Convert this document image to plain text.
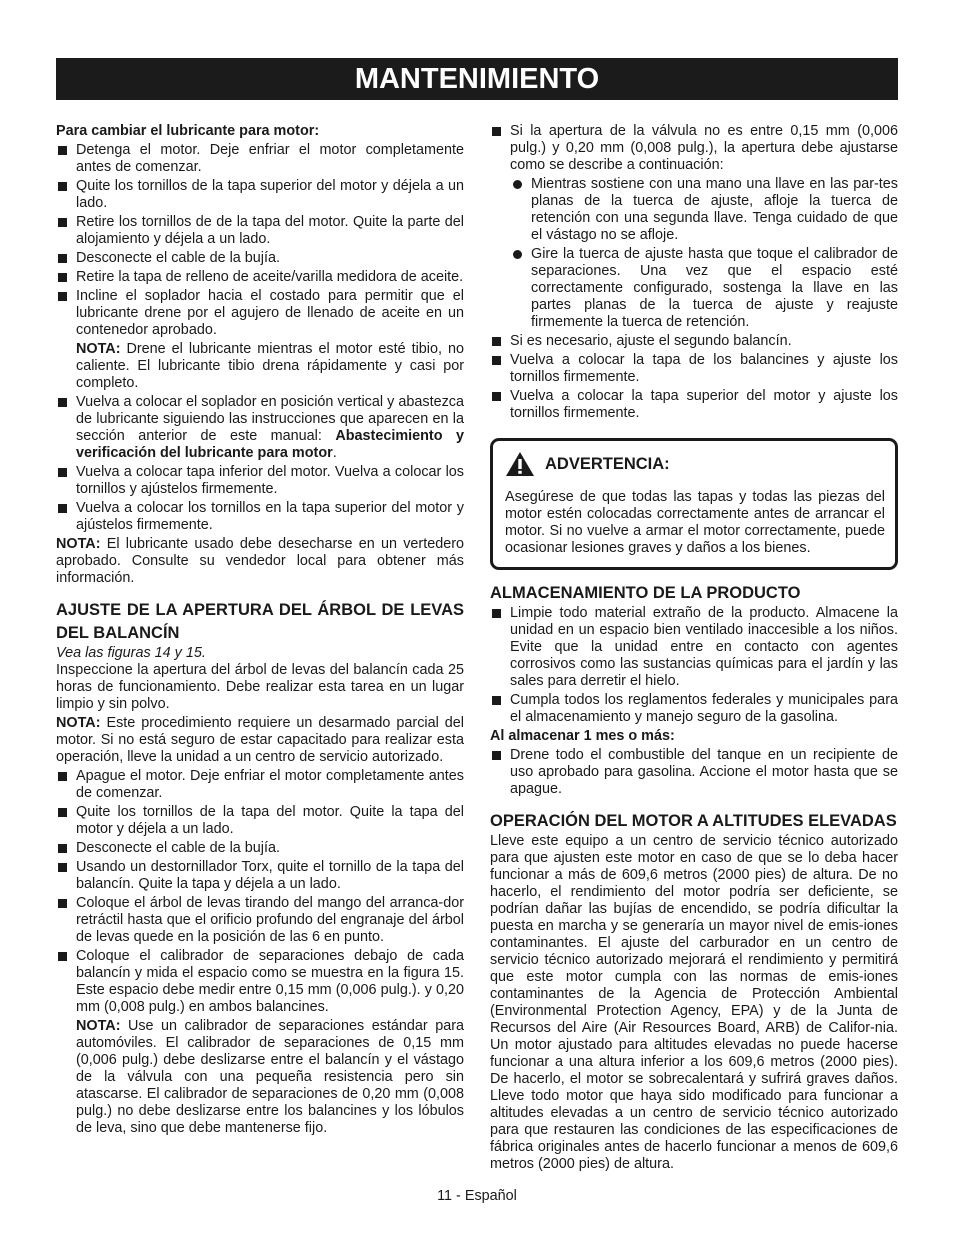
MANTENIMIENTO

Para cambiar el lubricante para motor:

Detenga el motor. Deje enfriar el motor completamente antes de comenzar.
Quite los tornillos de la tapa superior del motor y déjela a un lado.
Retire los tornillos de de la tapa del motor. Quite la parte del alojamiento y déjela a un lado.
Desconecte el cable de la bujía.
Retire la tapa de relleno de aceite/varilla medidora de aceite.
Incline el soplador hacia el costado para permitir que el lubricante drene por el agujero de llenado de aceite en un contenedor aprobado.

NOTA: Drene el lubricante mientras el motor esté tibio, no caliente. El lubricante tibio drena rápidamente y casi por completo.

Vuelva a colocar el soplador en posición vertical y abastezca de lubricante siguiendo las instrucciones que aparecen en la sección anterior de este manual: Abastecimiento y verificación del lubricante para motor.
Vuelva a colocar tapa inferior del motor. Vuelva a colocar los tornillos y ajústelos firmemente.
Vuelva a colocar los tornillos en la tapa superior del motor y ajústelos firmemente.

NOTA: El lubricante usado debe desecharse en un vertedero aprobado. Consulte su vendedor local para obtener más información.

AJUSTE DE LA APERTURA DEL ÁRBOL DE LEVAS DEL BALANCÍN

Vea las figuras 14 y 15.

Inspeccione la apertura del árbol de levas del balancín cada 25 horas de funcionamiento. Debe realizar esta tarea en un lugar limpio y sin polvo.

NOTA: Este procedimiento requiere un desarmado parcial del motor. Si no está seguro de estar capacitado para realizar esta operación, lleve la unidad a un centro de servicio autorizado.

Apague el motor. Deje enfriar el motor completamente antes de comenzar.
Quite los tornillos de la tapa del motor. Quite la tapa del motor y déjela a un lado.
Desconecte el cable de la bujía.
Usando un destornillador Torx, quite el tornillo de la tapa del balancín. Quite la tapa y déjela a un lado.
Coloque el árbol de levas tirando del mango del arranca-dor retráctil hasta que el orificio profundo del engranaje del árbol de levas quede en la posición de las 6 en punto.
Coloque el calibrador de separaciones debajo de cada balancín y mida el espacio como se muestra en la figura 15. Este espacio debe medir entre 0,15 mm (0,006 pulg.). y 0,20 mm (0,008 pulg.) en ambos balancines.

NOTA: Use un calibrador de separaciones estándar para automóviles. El calibrador de separaciones de 0,15 mm (0,006 pulg.) debe deslizarse entre el balancín y el vástago de la válvula con una pequeña resistencia pero sin atascarse. El calibrador de separaciones de 0,20 mm (0,008 pulg.) no debe deslizarse entre los balancines y los lóbulos de leva, sino que debe mantenerse fijo.

Si la apertura de la válvula no es entre 0,15 mm (0,006 pulg.) y 0,20 mm (0,008 pulg.), la apertura debe ajustarse como se describe a continuación:
Mientras sostiene con una mano una llave en las par-tes planas de la tuerca de ajuste, afloje la tuerca de retención con una segunda llave. Tenga cuidado de que el vástago no se afloje.
Gire la tuerca de ajuste hasta que toque el calibrador de separaciones. Una vez que el espacio esté correctamente configurado, sostenga la llave en las partes planas de la tuerca de ajuste y reajuste firmemente la tuerca de retención.
Si es necesario, ajuste el segundo balancín.
Vuelva a colocar la tapa de los balancines y ajuste los tornillos firmemente.
Vuelva a colocar la tapa superior del motor y ajuste los tornillos firmemente.
ADVERTENCIA:

Asegúrese de que todas las tapas y todas las piezas del motor estén colocadas correctamente antes de arrancar el motor. Si no vuelve a armar el motor correctamente, puede ocasionar lesiones graves y daños a los bienes.

ALMACENAMIENTO DE LA PRODUCTO

Limpie todo material extraño de la producto. Almacene la unidad en un espacio bien ventilado inaccesible a los niños. Evite que la unidad entre en contacto con agentes corrosivos como las sustancias químicas para el jardín y las sales para derretir el hielo.
Cumpla todos los reglamentos federales y municipales para el almacenamiento y manejo seguro de la gasolina.

Al almacenar 1 mes o más:

Drene todo el combustible del tanque en un recipiente de uso aprobado para gasolina. Accione el motor hasta que se apague.

OPERACIÓN DEL MOTOR A ALTITUDES ELEVADAS

Lleve este equipo a un centro de servicio técnico autorizado para que ajusten este motor en caso de que se lo deba hacer funcionar a más de 609,6 metros (2000 pies) de altura. De no hacerlo, el rendimiento del motor podría ser deficiente, se podrían dañar las bujías de encendido, se podría dificultar la puesta en marcha y se generaría un mayor nivel de emis-iones contaminantes. El ajuste del carburador en un centro de servicio técnico autorizado mejorará el rendimiento y permitirá que este motor cumpla con las normas de emis-iones contaminantes de la Agencia de Protección Ambiental (Environmental Protection Agency, EPA) y de la Junta de Recursos del Aire (Air Resources Board, ARB) de Califor-nia. Un motor ajustado para altitudes elevadas no puede hacerse funcionar a una altura inferior a los 609,6 metros (2000 pies). De hacerlo, el motor se sobrecalentará y sufrirá graves daños. Lleve todo motor que haya sido modificado para funcionar a altitudes elevadas a un centro de servicio técnico autorizado para que restauren las condiciones de las especificaciones de fábrica originales antes de hacerlo funcionar a menos de 609,6 metros (2000 pies) de altura.

11 - Español
